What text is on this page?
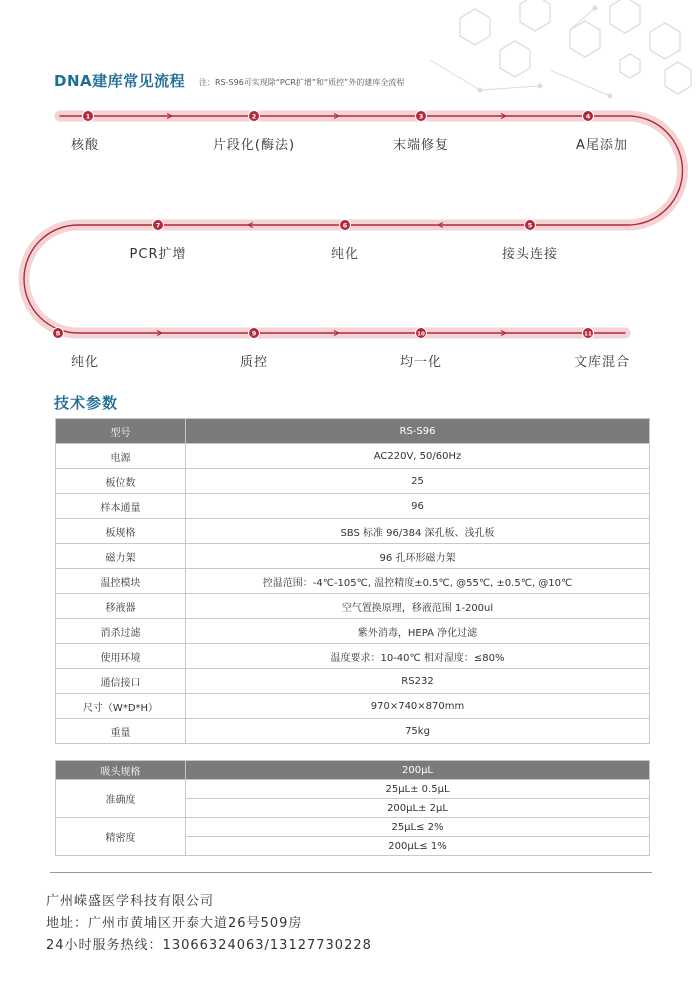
DNA建库常见流程 注：RS-S96可实现除“PCR扩增”和“质控”外的建库全流程
1	2	3	4
5
6
7
8	9	10	11
核酸	片段化(酶法)	末端修复	A尾添加
接头连接
纯化
PCR扩增
纯化	质控	均一化	文库混合
技术参数
型号	RS-S96
电源	AC220V, 50/60Hz
板位数	25
样本通量	96
板规格	SBS 标准 96/384 深孔板、浅孔板
磁力架	96 孔环形磁力架
温控模块	控温范围：-4℃-105℃, 温控精度±0.5℃, @55℃, ±0.5℃, @10℃
移液器	空气置换原理，移液范围 1-200ul
消杀过滤	紫外消毒，HEPA 净化过滤
使用环境	温度要求：10-40℃ 相对湿度：≤80%
通信接口	RS232
尺寸（W*D*H）	970×740×870mm
重量	75kg
吸头规格	200μL
准确度	25μL± 0.5μL
	200μL± 2μL
精密度	25μL≤ 2%
	200μL≤ 1%
广州嵘盛医学科技有限公司
地址：广州市黄埔区开泰大道26号509房
24小时服务热线：13066324063/13127730228
